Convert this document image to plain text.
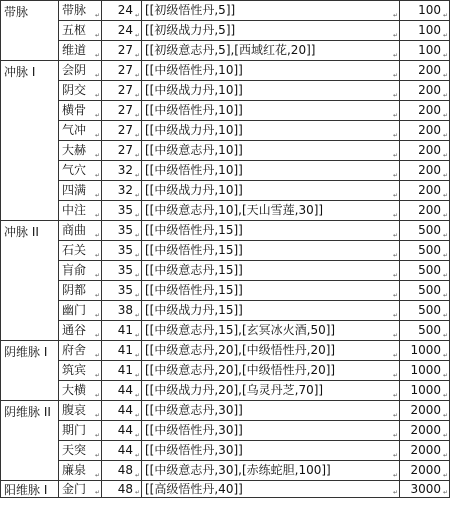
带脉	带脉 ↵	24 ↵	[[初级悟性丹,5]] ↵	100 ↵

	五枢 ↵	24 ↵	[[初级战力丹,5]] ↵	100 ↵

	维道 ↵	27 ↵	[[初级意志丹,5],[西域红花,20]] ↵	100 ↵

冲脉 I	会阴 ↵	27 ↵	[[中级悟性丹,10]] ↵	200 ↵

	阴交 ↵	27 ↵	[[中级战力丹,10]] ↵	200 ↵

	横骨 ↵	27 ↵	[[中级悟性丹,10]] ↵	200 ↵

	气冲 ↵	27 ↵	[[中级战力丹,10]] ↵	200 ↵

	大赫 ↵	27 ↵	[[中级意志丹,10]] ↵	200 ↵

	气穴 ↵	32 ↵	[[中级悟性丹,10]] ↵	200 ↵

	四满 ↵	32 ↵	[[中级战力丹,10]] ↵	200 ↵

	中注 ↵	35 ↵	[[中级意志丹,10],[天山雪莲,30]] ↵	200 ↵

冲脉 II	商曲 ↵	35 ↵	[[中级悟性丹,15]] ↵	500 ↵

	石关 ↵	35 ↵	[[中级悟性丹,15]] ↵	500 ↵

	肓俞 ↵	35 ↵	[[中级意志丹,15]] ↵	500 ↵

	阴都 ↵	35 ↵	[[中级悟性丹,15]] ↵	500 ↵

	幽门 ↵	38 ↵	[[中级战力丹,15]] ↵	500 ↵

	通谷 ↵	41 ↵	[[中级意志丹,15],[玄冥冰火酒,50]] ↵	500 ↵

阴维脉 I	府舍 ↵	41 ↵	[[中级意志丹,20],[中级悟性丹,20]] ↵	1000 ↵

	筑宾 ↵	41 ↵	[[中级意志丹,20],[中级悟性丹,20]] ↵	1000 ↵

	大横 ↵	44 ↵	[[中级战力丹,20],[乌灵丹芝,70]] ↵	1000 ↵

阴维脉 II	腹哀 ↵	44 ↵	[[中级意志丹,30]] ↵	2000 ↵

	期门 ↵	44 ↵	[[中级悟性丹,30]] ↵	2000 ↵

	天突 ↵	44 ↵	[[中级悟性丹,30]] ↵	2000 ↵

	廉泉 ↵	48 ↵	[[中级意志丹,30],[赤练蛇胆,100]] ↵	2000 ↵

阳维脉 I	金门 ↵	48 ↵	[[高级悟性丹,40]] ↵	3000 ↵
